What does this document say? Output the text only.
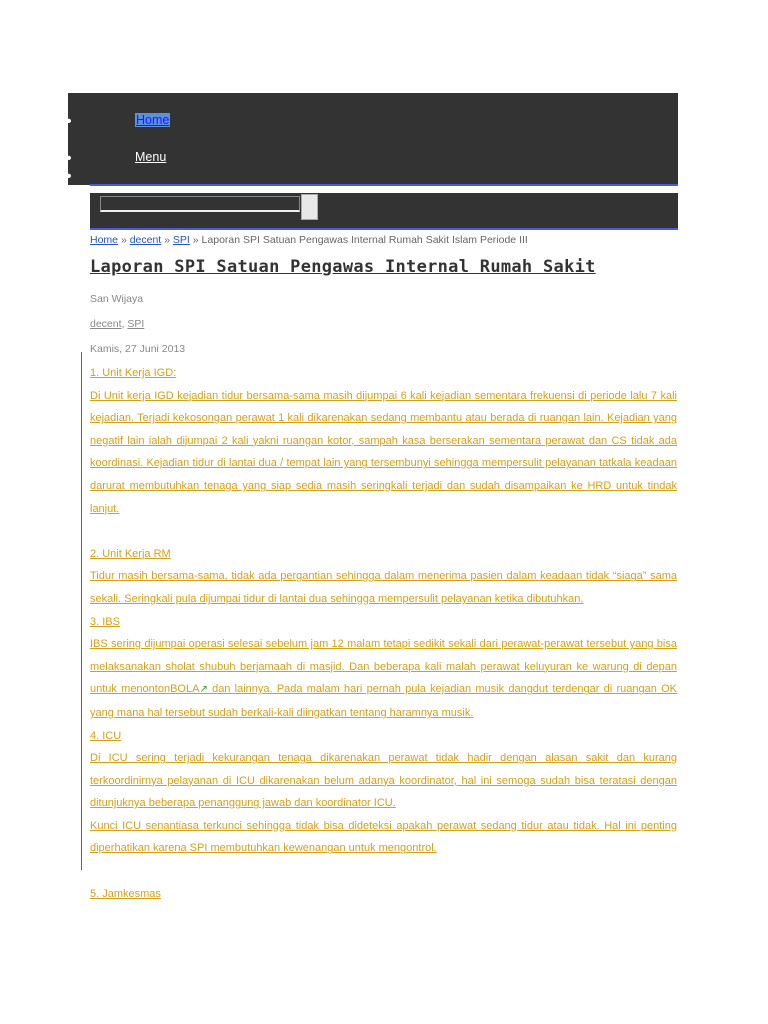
•
•
•
Home
Menu
Home » decent » SPI » Laporan SPI Satuan Pengawas Internal Rumah Sakit Islam Periode III
Laporan SPI Satuan Pengawas Internal Rumah Sakit
San Wijaya
decent, SPI
Kamis, 27 Juni 2013

1. Unit Kerja IGD:

Di Unit kerja IGD kejadian tidur bersama-sama masih dijumpai 6 kali kejadian sementara frekuensi di periode lalu 7 kali kejadian. Terjadi kekosongan perawat 1 kali dikarenakan sedang membantu atau berada di ruangan lain. Kejadian yang negatif lain ialah dijumpai 2 kali yakni ruangan kotor, sampah kasa berserakan sementara perawat dan CS tidak ada koordinasi. Kejadian tidur di lantai dua / tempat lain yang tersembunyi sehingga mempersulit pelayanan tatkala keadaan darurat membutuhkan tenaga yang siap sedia masih seringkali terjadi dan sudah disampaikan ke HRD untuk tindak lanjut.

2. Unit Kerja RM

Tidur masih bersama-sama, tidak ada pergantian sehingga dalam menerima pasien dalam keadaan tidak “siaga” sama sekali. Seringkali pula dijumpai tidur di lantai dua sehingga mempersulit pelayanan ketika dibutuhkan.

3. IBS

IBS sering dijumpai operasi selesai sebelum jam 12 malam tetapi sedikit sekali dari perawat-perawat tersebut yang bisa melaksanakan sholat shubuh berjamaah di masjid. Dan beberapa kali malah perawat keluyuran ke warung di depan untuk menontonBOLA↗ dan lainnya. Pada malam hari pernah pula kejadian musik dangdut terdengar di ruangan OK yang mana hal tersebut sudah berkali-kali diingatkan tentang haramnya musik.

4. ICU

Di ICU sering terjadi kekurangan tenaga dikarenakan perawat tidak hadir dengan alasan sakit dan kurang terkoordinirnya pelayanan di ICU dikarenakan belum adanya koordinator, hal ini semoga sudah bisa teratasi dengan ditunjuknya beberapa penanggung jawab dan koordinator ICU.

Kunci ICU senantiasa terkunci sehingga tidak bisa dideteksi apakah perawat sedang tidur atau tidak. Hal ini penting diperhatikan karena SPI membutuhkan kewenangan untuk mengontrol.

5. Jamkesmas
